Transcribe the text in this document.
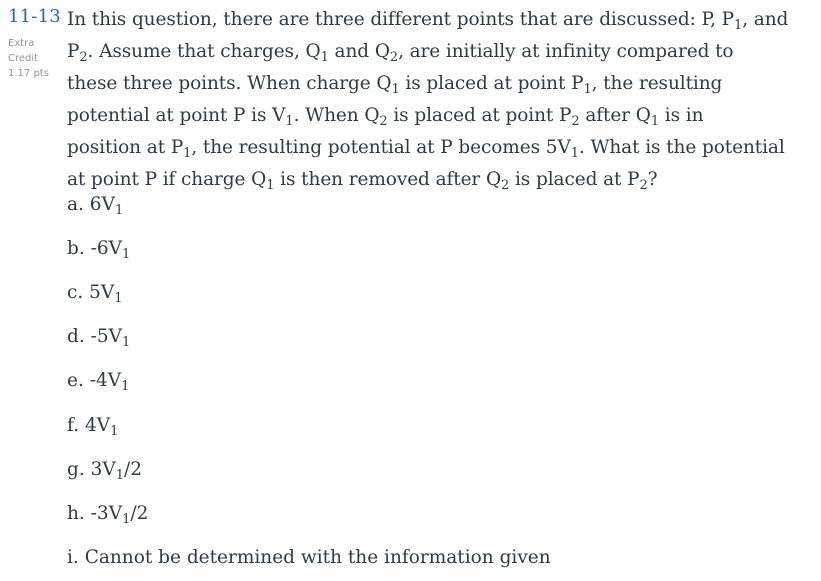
11-13
Extra
Credit
1.17 pts

In this question, there are three different points that are discussed: P, $P_1$, and
$P_2$. Assume that charges, $Q_1$ and $Q_2$, are initially at infinity compared to
these three points. When charge $Q_1$ is placed at point $P_1$, the resulting
potential at point P is $V_1$. When $Q_2$ is placed at point $P_2$ after $Q_1$ is in
position at $P_1$, the resulting potential at P becomes $5V_1$. What is the potential
at point P if charge $Q_1$ is then removed after $Q_2$ is placed at $P_2$?

a. $6V_1$
b. $-6V_1$
c. $5V_1$
d. $-5V_1$
e. $-4V_1$
f. $4V_1$
g. $3V_1/2$
h. $-3V_1/2$
i. Cannot be determined with the information given
